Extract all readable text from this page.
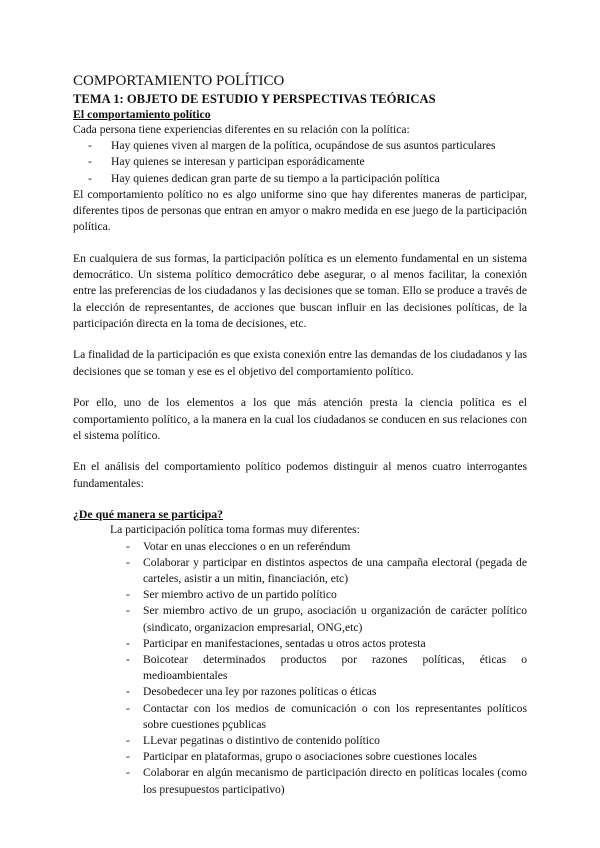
COMPORTAMIENTO POLÍTICO
TEMA 1: OBJETO DE ESTUDIO Y PERSPECTIVAS TEÓRICAS
El comportamiento político

Cada persona tiene experiencias diferentes en su relación con la política:

- Hay quienes viven al margen de la política, ocupándose de sus asuntos particulares
- Hay quienes se interesan y participan esporádicamente
- Hay quienes dedican gran parte de su tiempo a la participación política

El comportamiento político no es algo uniforme sino que hay diferentes maneras de participar, diferentes tipos de personas que entran en amyor o makro medida en ese juego de la participación política.

En cualquiera de sus formas, la participación política es un elemento fundamental en un sistema democrático. Un sistema político democrático debe asegurar, o al menos facilitar, la conexión entre las preferencias de los ciudadanos y las decisiones que se toman. Ello se produce a través de la elección de representantes, de acciones que buscan influir en las decisiones políticas, de la participación directa en la toma de decisiones, etc.

La finalidad de la participación es que exista conexión entre las demandas de los ciudadanos y las decisiones que se toman y ese es el objetivo del comportamiento político.

Por ello, uno de los elementos a los que más atención presta la ciencia política es el comportamiento político, a la manera en la cual los ciudadanos se conducen en sus relaciones con el sistema político.

En el análisis del comportamiento político podemos distinguir al menos cuatro interrogantes fundamentales:

¿De qué manera se participa?

La participación política toma formas muy diferentes:

- Votar en unas elecciones o en un referéndum
- Colaborar y participar en distintos aspectos de una campaña electoral (pegada de carteles, asistir a un mitin, financiación, etc)
- Ser miembro activo de un partido político
- Ser miembro activo de un grupo, asociación u organización de carácter político (sindicato, organizacion empresarial, ONG,etc)
- Participar en manifestaciones, sentadas u otros actos protesta
- Boicotear determinados productos por razones políticas, éticas o medioambientales
- Desobedecer una ley por razones políticas o éticas
- Contactar con los medios de comunicación o con los representantes políticos sobre cuestiones pçublicas
- LLevar pegatinas o distintivo de contenido político
- Participar en plataformas, grupo o asociaciones sobre cuestiones locales
- Colaborar en algún mecanismo de participación directo en políticas locales (como los presupuestos participativo)
